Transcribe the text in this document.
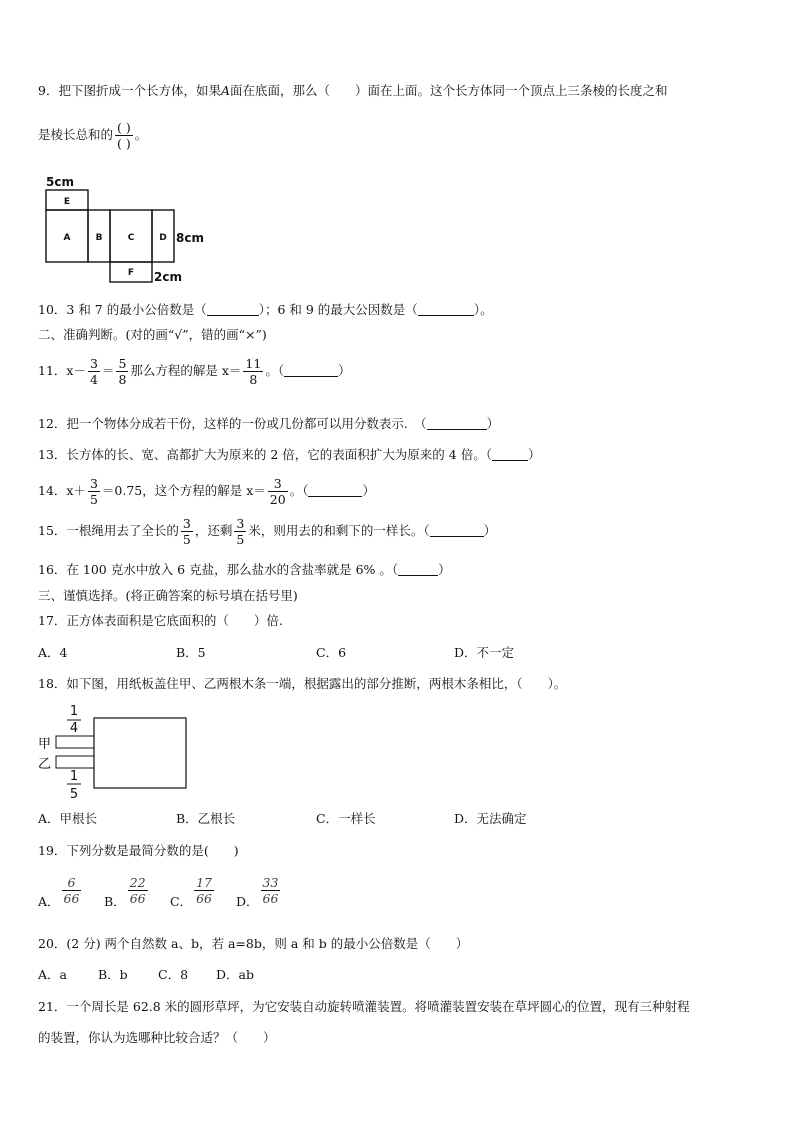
9．把下图折成一个长方体，如果A面在底面，那么（　　）面在上面。这个长方体同一个顶点上三条棱的长度之和
是棱长总和的 $\frac{( )}{( )}$ 。
E
A	B	C	D
F
5cm
8cm
2cm
10．3 和 7 的最小公倍数是（	）；6 和 9 的最大公因数是（	）。
二、准确判断。(对的画“√”，错的画“×”)
11．$x- \frac{3}{4} = \frac{5}{8}$ 那么方程的解是 $x= \frac{11}{8}$ 。（	）
12．把一个物体分成若干份，这样的一份或几份都可以用分数表示.　（	）
13．长方体的长、宽、高都扩大为原来的 2 倍，它的表面积扩大为原来的 4 倍。（	）
14．$x+ \frac{3}{5} =0.75$，这个方程的解是 $x= \frac{3}{20}$ 。（	）
15．一根绳用去了全长的 $\frac{3}{5}$ ，还剩 $\frac{3}{5}$ 米，则用去的和剩下的一样长。（	）
16．在 100 克水中放入 6 克盐，那么盐水的含盐率就是 6% 。（	）
三、谨慎选择。(将正确答案的标号填在括号里)
17．正方体表面积是它底面积的（　　）倍.
A．4	B．5	C．6	D．不一定
18．如下图，用纸板盖住甲、乙两根木条一端，根据露出的部分推断，两根木条相比，（　　）。
1
4
1
5
甲
乙
A．甲根长	B．乙根长	C．一样长	D．无法确定
19．下列分数是最简分数的是(　　)
A． $\frac{6}{66}$ B． $\frac{22}{66}$ C． $\frac{17}{66}$ D． $\frac{33}{66}$
20．(2 分) 两个自然数 a、b，若 a=8b，则 a 和 b 的最小公倍数是（　　）
A．a B．b C．8 D．ab
21．一个周长是 62.8 米的圆形草坪，为它安装自动旋转喷灌装置。将喷灌装置安装在草坪圆心的位置，现有三种射程
的装置，你认为选哪种比较合适？（　　）
